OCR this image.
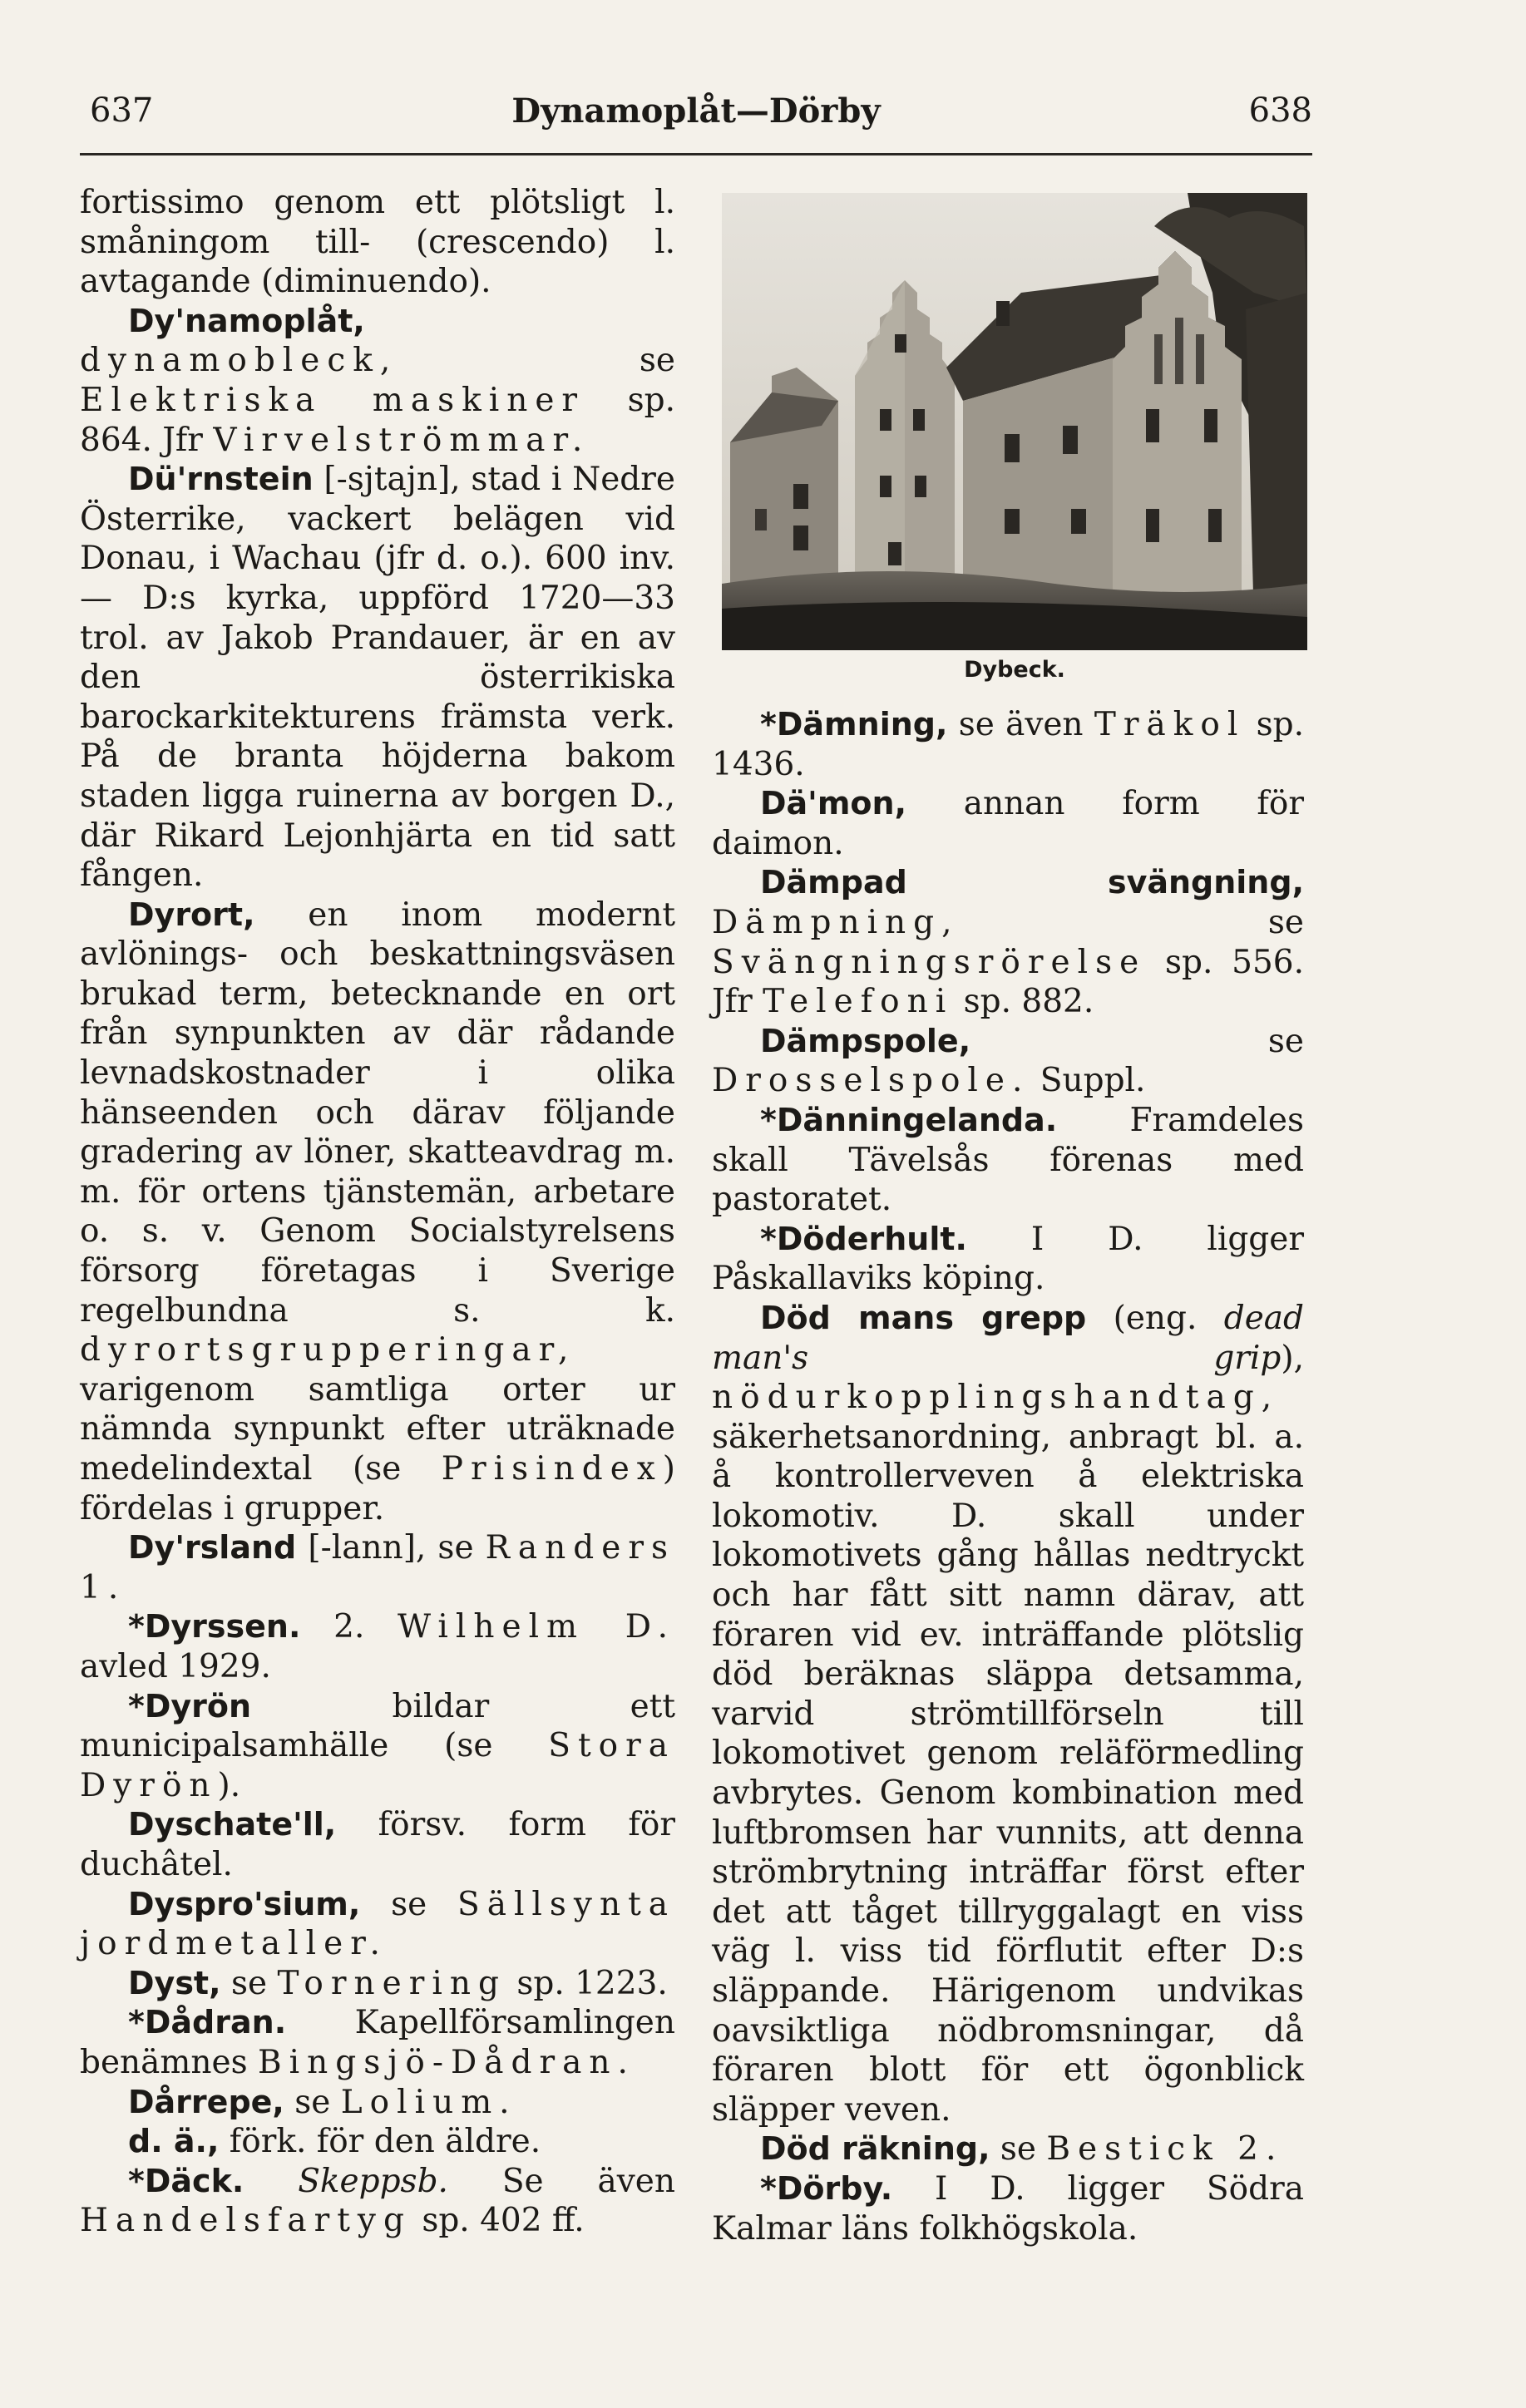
637	Dynamoplåt—Dörby	638

fortissimo genom ett plötsligt l. småningom till- (crescendo) l. avtagande (diminuendo).

Dy'namoplåt, dynamobleck, se Elektriska maskiner sp. 864. Jfr Virvelströmmar.

Dü'rnstein [-sjtajn], stad i Nedre Österrike, vackert belägen vid Donau, i Wachau (jfr d. o.). 600 inv. — D:s kyrka, uppförd 1720—33 trol. av Jakob Prandauer, är en av den österrikiska barockarkitekturens främsta verk. På de branta höjderna bakom staden ligga ruinerna av borgen D., där Rikard Lejonhjärta en tid satt fången.

Dyrort, en inom modernt avlönings- och beskattningsväsen brukad term, betecknande en ort från synpunkten av där rådande levnadskostnader i olika hänseenden och därav följande gradering av löner, skatteavdrag m. m. för ortens tjänstemän, arbetare o. s. v. Genom Socialstyrelsens försorg företagas i Sverige regelbundna s. k. dyrortsgrupperingar, varigenom samtliga orter ur nämnda synpunkt efter uträknade medelindextal (se Prisindex) fördelas i grupper.

Dy'rsland [-lann], se Randers 1.

*Dyrssen. 2. Wilhelm D. avled 1929.

*Dyrön bildar ett municipalsamhälle (se Stora Dyrön).

Dyschate'll, försv. form för duchâtel.

Dyspro'sium, se Sällsynta jordmetaller.

Dyst, se Tornering sp. 1223.

*Dådran. Kapellförsamlingen benämnes Bingsjö-Dådran.

Dårrepe, se Lolium.

d. ä., förk. för den äldre.

*Däck. Skeppsb. Se även Handelsfartyg sp. 402 ff.

Dybeck.

*Dämning, se även Träkol sp. 1436.

Dä'mon, annan form för daimon.

Dämpad svängning, Dämpning, se Svängningsrörelse sp. 556. Jfr Telefoni sp. 882.

Dämpspole, se Drosselspole. Suppl.

*Dänningelanda. Framdeles skall Tävelsås förenas med pastoratet.

*Döderhult. I D. ligger Påskallaviks köping.

Död mans grepp (eng. dead man's grip), nödurkopplingshandtag, säkerhetsanordning, anbragt bl. a. å kontrollerveven å elektriska lokomotiv. D. skall under lokomotivets gång hållas nedtryckt och har fått sitt namn därav, att föraren vid ev. inträffande plötslig död beräknas släppa detsamma, varvid strömtillförseln till lokomotivet genom reläförmedling avbrytes. Genom kombination med luftbromsen har vunnits, att denna strömbrytning inträffar först efter det att tåget tillryggalagt en viss väg l. viss tid förflutit efter D:s släppande. Härigenom undvikas oavsiktliga nödbromsningar, då föraren blott för ett ögonblick släpper veven.

Död räkning, se Bestick 2.

*Dörby. I D. ligger Södra Kalmar läns folkhögskola.
